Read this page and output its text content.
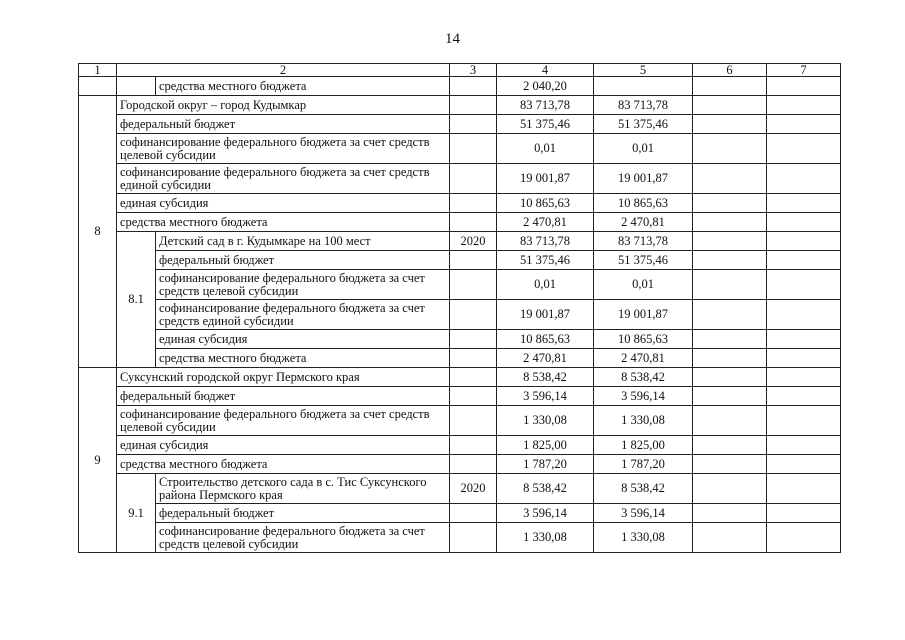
14
1	2		3	4	5	6	7
		средства местного бюджета		2 040,20			
8	Городской округ – город Кудымкар			83 713,78	83 713,78		
	федеральный бюджет			51 375,46	51 375,46		
	софинансирование федерального бюджета за счет средств целевой субсидии			0,01	0,01		
	софинансирование федерального бюджета за счет средств единой субсидии			19 001,87	19 001,87		
	единая субсидия			10 865,63	10 865,63		
	средства местного бюджета			2 470,81	2 470,81		
	8.1	Детский сад в г. Кудымкаре на 100 мест	2020	83 713,78	83 713,78		
		федеральный бюджет		51 375,46	51 375,46		
		софинансирование федерального бюджета за счет средств целевой субсидии		0,01	0,01		
		софинансирование федерального бюджета за счет средств единой субсидии		19 001,87	19 001,87		
		единая субсидия		10 865,63	10 865,63		
		средства местного бюджета		2 470,81	2 470,81		
9	Суксунский городской округ Пермского края			8 538,42	8 538,42		
	федеральный бюджет			3 596,14	3 596,14		
	софинансирование федерального бюджета за счет средств целевой субсидии			1 330,08	1 330,08		
	единая субсидия			1 825,00	1 825,00		
	средства местного бюджета			1 787,20	1 787,20		
	9.1	Строительство детского сада в с. Тис Суксунского района Пермского края	2020	8 538,42	8 538,42		
		федеральный бюджет		3 596,14	3 596,14		
		софинансирование федерального бюджета за счет средств целевой субсидии		1 330,08	1 330,08		
